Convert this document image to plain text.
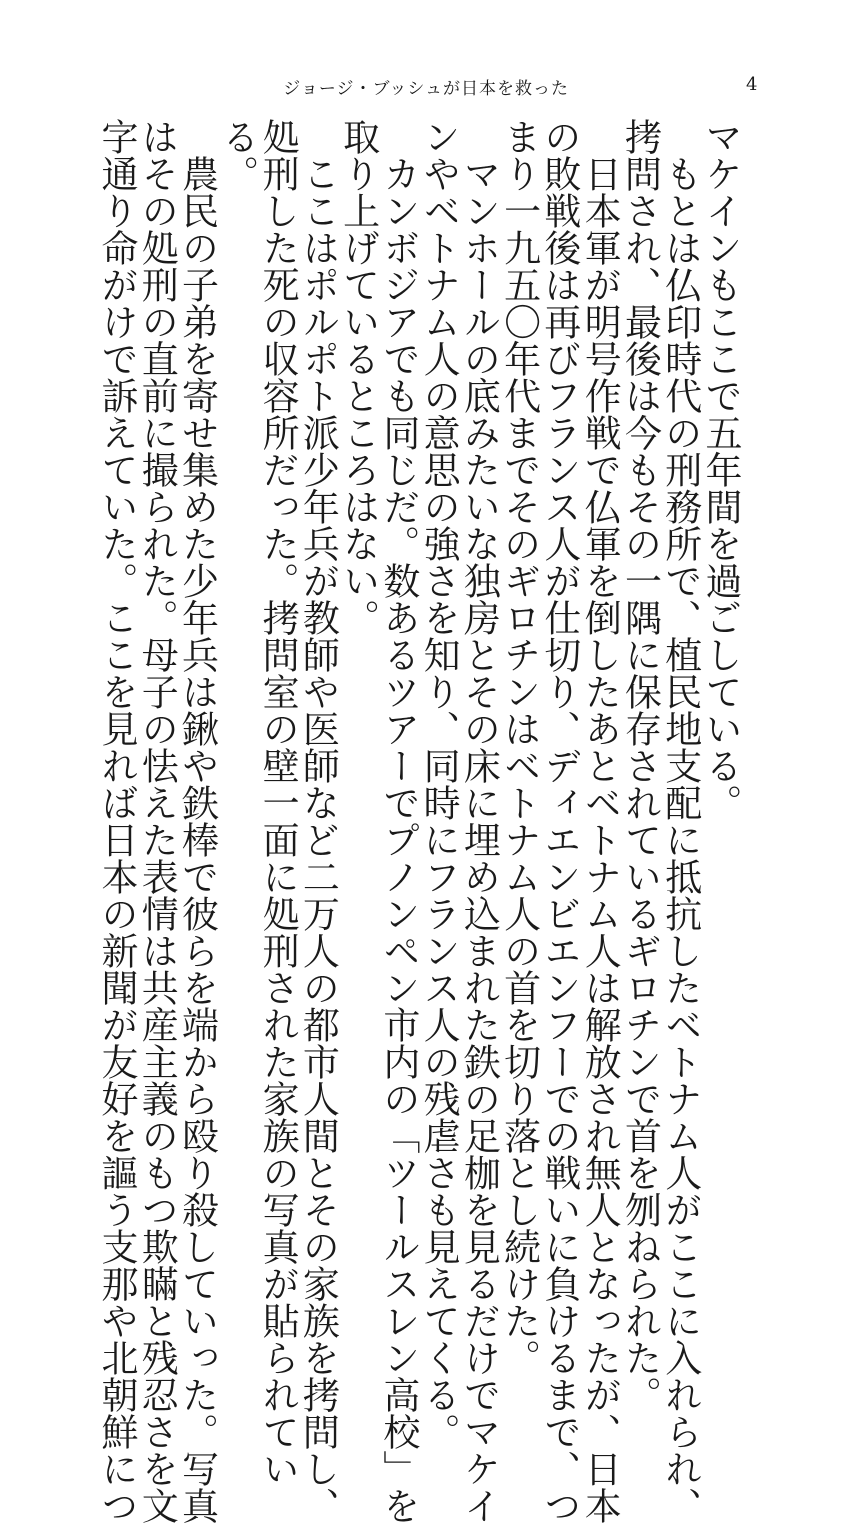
ジョージ・ブッシュが日本を救った	4
マケインもここで五年間を過ごしている。
　もとは仏印時代の刑務所で、植民地支配に抵抗したベトナム人がここに入れられ、
拷問され、最後は今もその一隅に保存されているギロチンで首を刎ねられた。
　日本軍が明号作戦で仏軍を倒したあとベトナム人は解放され無人となったが、日本
の敗戦後は再びフランス人が仕切り、ディエンビエンフーでの戦いに負けるまで、つ
まり一九五〇年代までそのギロチンはベトナム人の首を切り落とし続けた。
　マンホールの底みたいな独房とその床に埋め込まれた鉄の足枷を見るだけでマケイ
ンやベトナム人の意思の強さを知り、同時にフランス人の残虐さも見えてくる。
　カンボジアでも同じだ。数あるツアーでプノンペン市内の「ツールスレン高校」を
取り上げているところはない。
　ここはポルポト派少年兵が教師や医師など二万人の都市人間とその家族を拷問し、
処刑した死の収容所だった。拷問室の壁一面に処刑された家族の写真が貼られてい
る。
　農民の子弟を寄せ集めた少年兵は鍬や鉄棒で彼らを端から殴り殺していった。写真
はその処刑の直前に撮られた。母子の怯えた表情は共産主義のもつ欺瞞と残忍さを文
字通り命がけで訴えていた。ここを見れば日本の新聞が友好を謳う支那や北朝鮮につ
